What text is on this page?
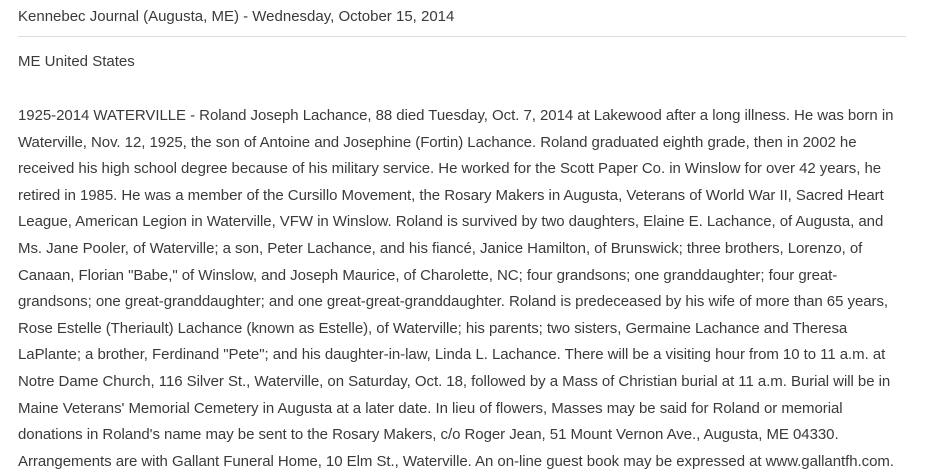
Kennebec Journal (Augusta, ME) - Wednesday, October 15, 2014
ME United States
1925-2014 WATERVILLE - Roland Joseph Lachance, 88 died Tuesday, Oct. 7, 2014 at Lakewood after a long illness. He was born in Waterville, Nov. 12, 1925, the son of Antoine and Josephine (Fortin) Lachance. Roland graduated eighth grade, then in 2002 he received his high school degree because of his military service. He worked for the Scott Paper Co. in Winslow for over 42 years, he retired in 1985. He was a member of the Cursillo Movement, the Rosary Makers in Augusta, Veterans of World War II, Sacred Heart League, American Legion in Waterville, VFW in Winslow. Roland is survived by two daughters, Elaine E. Lachance, of Augusta, and Ms. Jane Pooler, of Waterville; a son, Peter Lachance, and his fiancé, Janice Hamilton, of Brunswick; three brothers, Lorenzo, of Canaan, Florian "Babe," of Winslow, and Joseph Maurice, of Charolette, NC; four grandsons; one granddaughter; four great-grandsons; one great-granddaughter; and one great-great-granddaughter. Roland is predeceased by his wife of more than 65 years, Rose Estelle (Theriault) Lachance (known as Estelle), of Waterville; his parents; two sisters, Germaine Lachance and Theresa LaPlante; a brother, Ferdinand "Pete"; and his daughter-in-law, Linda L. Lachance. There will be a visiting hour from 10 to 11 a.m. at Notre Dame Church, 116 Silver St., Waterville, on Saturday, Oct. 18, followed by a Mass of Christian burial at 11 a.m. Burial will be in Maine Veterans' Memorial Cemetery in Augusta at a later date. In lieu of flowers, Masses may be said for Roland or memorial donations in Roland's name may be sent to the Rosary Makers, c/o Roger Jean, 51 Mount Vernon Ave., Augusta, ME 04330. Arrangements are with Gallant Funeral Home, 10 Elm St., Waterville. An on-line guest book may be expressed at www.gallantfh.com.
